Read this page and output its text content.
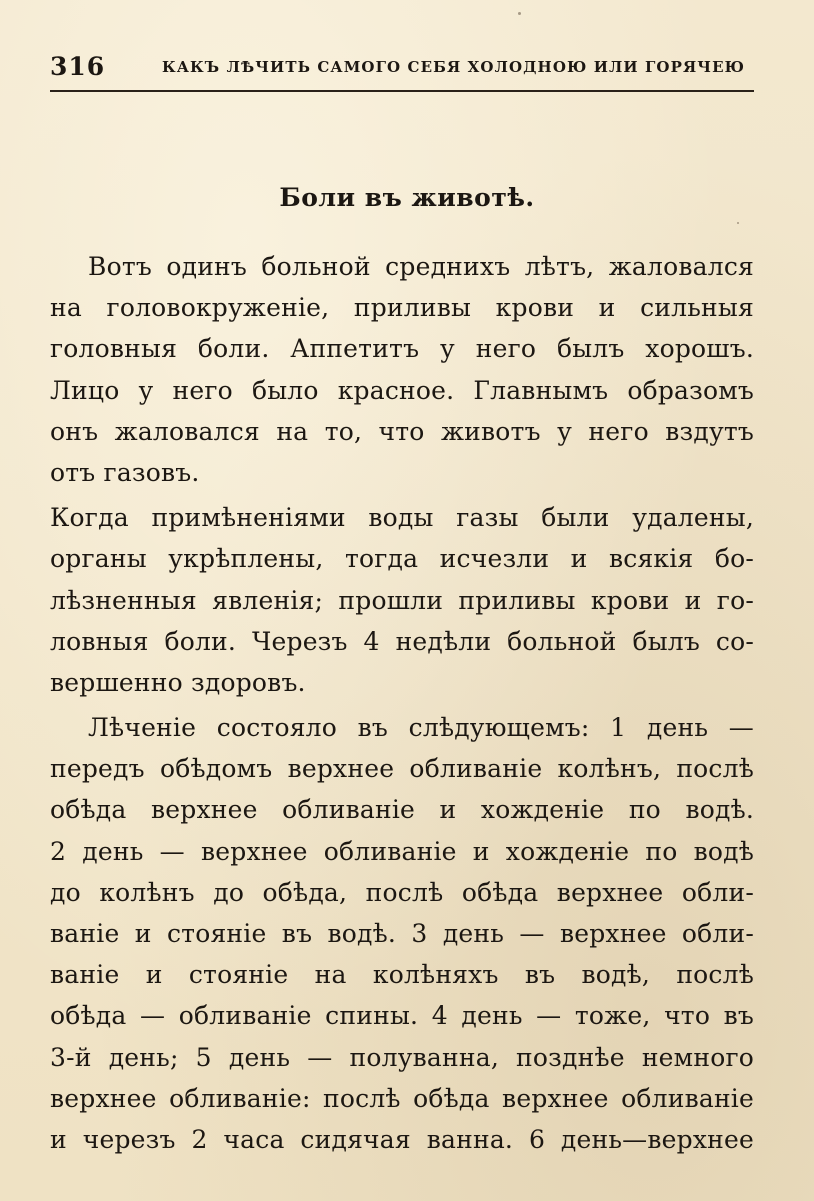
316	КАКЪ ЛѢЧИТЬ САМОГО СЕБЯ ХОЛОДНОЮ ИЛИ ГОРЯЧЕЮ
Боли въ животѣ.
Вотъ одинъ больной среднихъ лѣтъ, жаловался
на головокруженіе, приливы крови и сильныя
головныя боли. Аппетитъ у него былъ хорошъ.
Лицо у него было красное. Главнымъ образомъ
онъ жаловался на то, что животъ у него вздутъ
отъ газовъ.
Когда примѣненіями воды газы были удалены,
органы укрѣплены, тогда исчезли и всякія бо-
лѣзненныя явленія; прошли приливы крови и го-
ловныя боли. Черезъ 4 недѣли больной былъ со-
вершенно здоровъ.
Лѣченіе состояло въ слѣдующемъ: 1 день —
передъ обѣдомъ верхнее обливаніе колѣнъ, послѣ
обѣда верхнее обливаніе и хожденіе по водѣ.
2 день — верхнее обливаніе и хожденіе по водѣ
до колѣнъ до обѣда, послѣ обѣда верхнее обли-
ваніе и стояніе въ водѣ. 3 день — верхнее обли-
ваніе и стояніе на колѣняхъ въ водѣ, послѣ
обѣда — обливаніе спины. 4 день — тоже, что въ
3-й день; 5 день — полуванна, позднѣе немного
верхнее обливаніе: послѣ обѣда верхнее обливаніе
и черезъ 2 часа сидячая ванна. 6 день—верхнее
